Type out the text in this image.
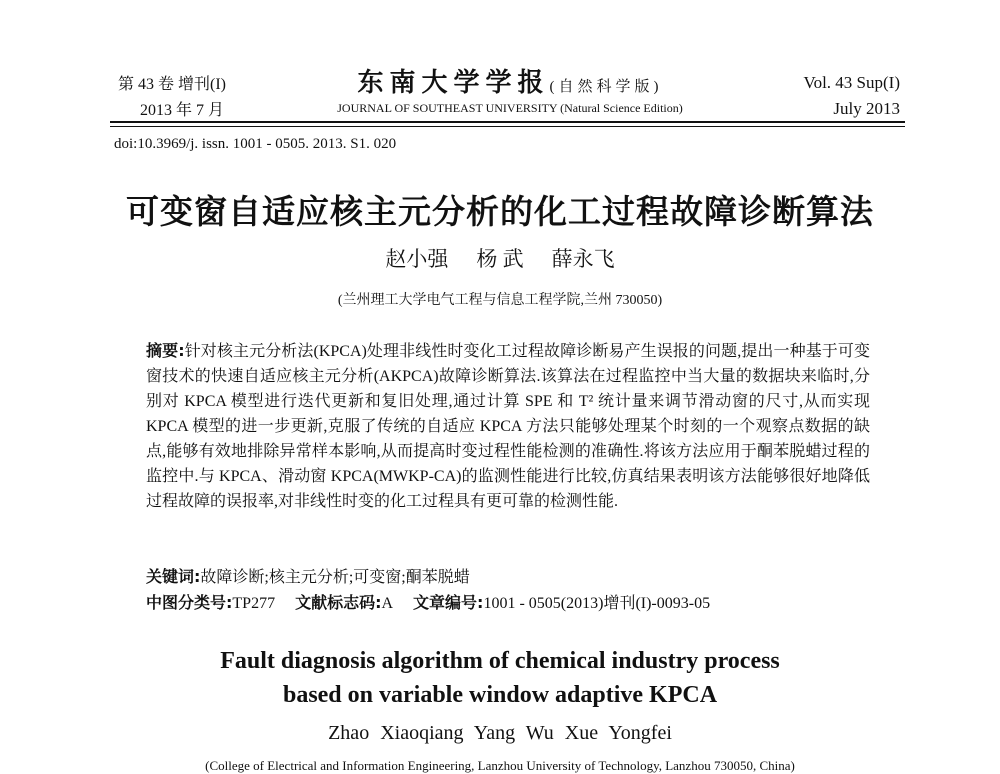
第 43 卷 增刊(I)
2013 年 7 月
东南大学学报(自然科学版)
JOURNAL OF SOUTHEAST UNIVERSITY (Natural Science Edition)
Vol. 43 Sup(I)
July 2013
doi:10.3969/j. issn. 1001 - 0505. 2013. S1. 020
可变窗自适应核主元分析的化工过程故障诊断算法
赵小强 杨 武 薛永飞
(兰州理工大学电气工程与信息工程学院,兰州 730050)
摘要:针对核主元分析法(KPCA)处理非线性时变化工过程故障诊断易产生误报的问题,提出一种基于可变窗技术的快速自适应核主元分析(AKPCA)故障诊断算法.该算法在过程监控中当大量的数据块来临时,分别对 KPCA 模型进行迭代更新和复旧处理,通过计算 SPE 和 T² 统计量来调节滑动窗的尺寸,从而实现 KPCA 模型的进一步更新,克服了传统的自适应 KPCA 方法只能够处理某个时刻的一个观察点数据的缺点,能够有效地排除异常样本影响,从而提高时变过程性能检测的准确性.将该方法应用于酮苯脱蜡过程的监控中.与 KPCA、滑动窗 KPCA(MWKP-CA)的监测性能进行比较,仿真结果表明该方法能够很好地降低过程故障的误报率,对非线性时变的化工过程具有更可靠的检测性能.
关键词:故障诊断;核主元分析;可变窗;酮苯脱蜡
中图分类号:TP277 文献标志码:A 文章编号:1001 - 0505(2013)增刊(I)-0093-05
Fault diagnosis algorithm of chemical industry process
based on variable window adaptive KPCA
Zhao Xiaoqiang Yang Wu Xue Yongfei
(College of Electrical and Information Engineering, Lanzhou University of Technology, Lanzhou 730050, China)
